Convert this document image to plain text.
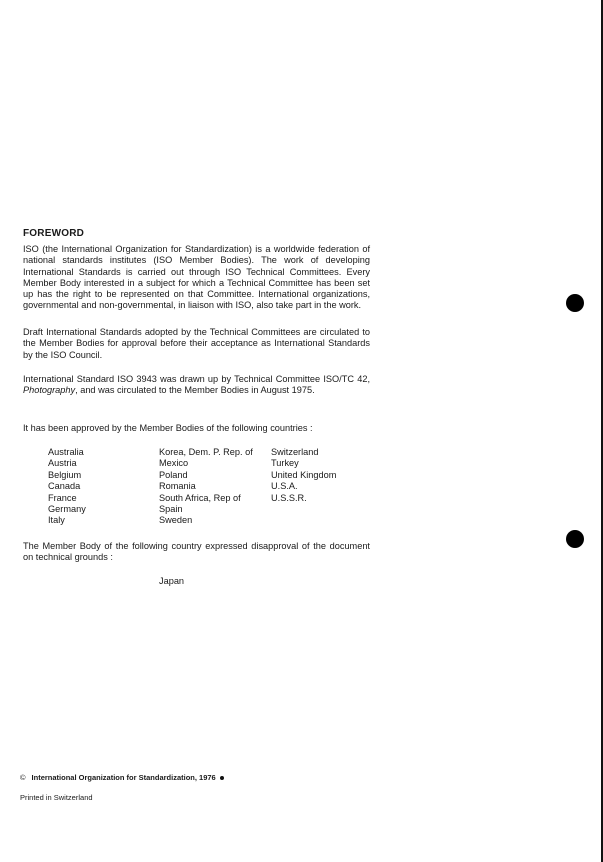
FOREWORD
ISO (the International Organization for Standardization) is a worldwide federation of national standards institutes (ISO Member Bodies). The work of developing International Standards is carried out through ISO Technical Committees. Every Member Body interested in a subject for which a Technical Committee has been set up has the right to be represented on that Committee. International organizations, governmental and non-governmental, in liaison with ISO, also take part in the work.
Draft International Standards adopted by the Technical Committees are circulated to the Member Bodies for approval before their acceptance as International Standards by the ISO Council.
International Standard ISO 3943 was drawn up by Technical Committee ISO/TC 42, Photography, and was circulated to the Member Bodies in August 1975.
It has been approved by the Member Bodies of the following countries :
Australia
Austria
Belgium
Canada
France
Germany
Italy
Korea, Dem. P. Rep. of
Mexico
Poland
Romania
South Africa, Rep of
Spain
Sweden
Switzerland
Turkey
United Kingdom
U.S.A.
U.S.S.R.
The Member Body of the following country expressed disapproval of the document on technical grounds :
Japan
© International Organization for Standardization, 1976
Printed in Switzerland
